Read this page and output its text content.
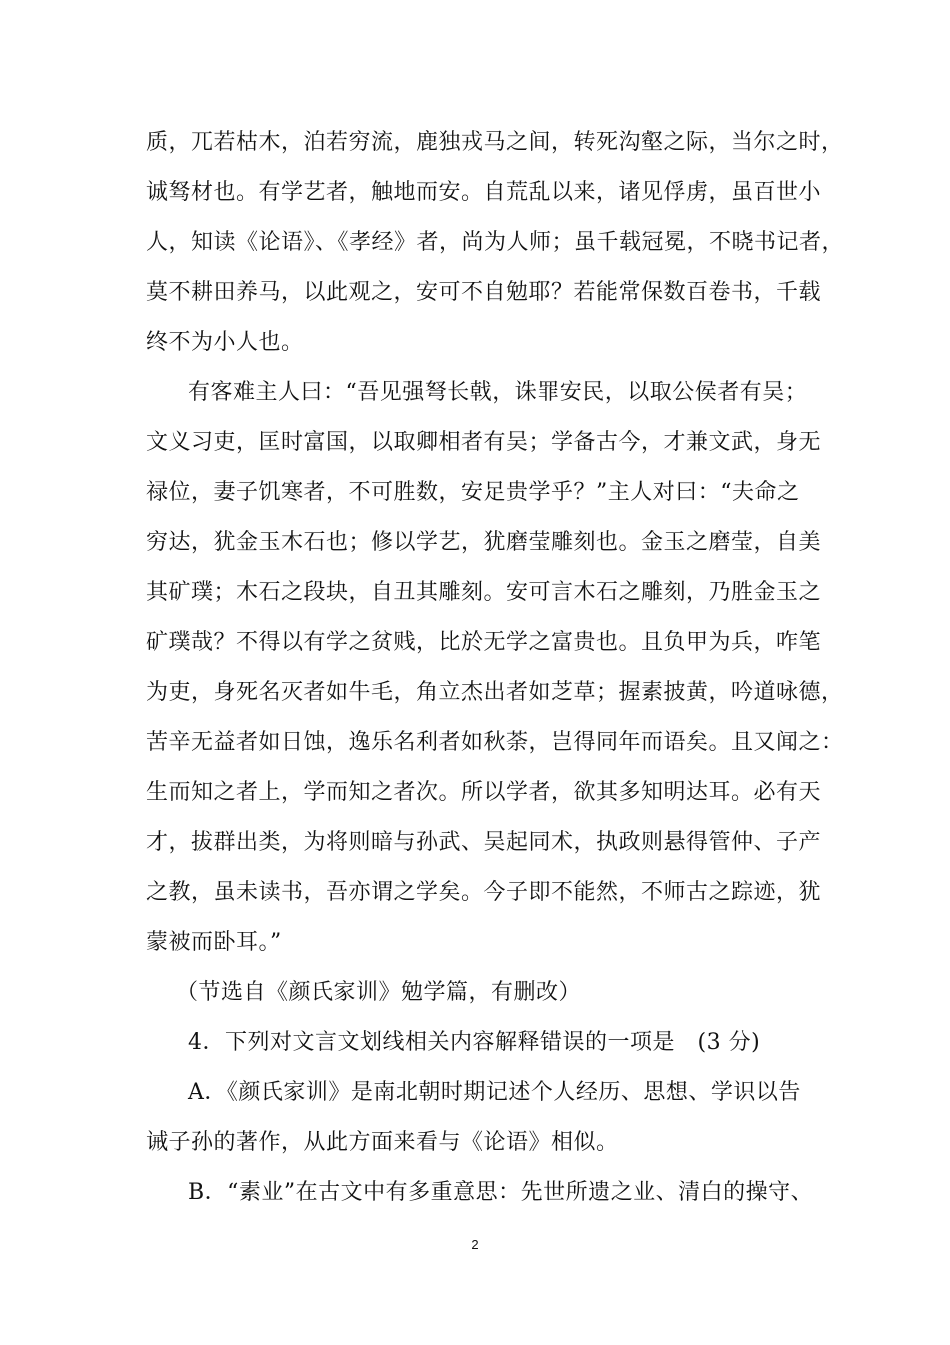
质，兀若枯木，泊若穷流，鹿独戎马之间，转死沟壑之际，当尔之时，
诚驽材也。有学艺者，触地而安。自荒乱以来，诸见俘虏，虽百世小
人，知读《论语》、《孝经》者，尚为人师；虽千载冠冕，不晓书记者，
莫不耕田养马，以此观之，安可不自勉耶？若能常保数百卷书，千载
终不为小人也。
有客难主人曰：“吾见强弩长戟，诛罪安民，以取公侯者有吴；
文义习吏，匡时富国，以取卿相者有吴；学备古今，才兼文武，身无
禄位，妻子饥寒者，不可胜数，安足贵学乎？”主人对曰：“夫命之
穷达，犹金玉木石也；修以学艺，犹磨莹雕刻也。金玉之磨莹，自美
其矿璞；木石之段块，自丑其雕刻。安可言木石之雕刻，乃胜金玉之
矿璞哉？不得以有学之贫贱，比於无学之富贵也。且负甲为兵，咋笔
为吏，身死名灭者如牛毛，角立杰出者如芝草；握素披黄，吟道咏德，
苦辛无益者如日蚀，逸乐名利者如秋荼，岂得同年而语矣。且又闻之：
生而知之者上，学而知之者次。所以学者，欲其多知明达耳。必有天
才，拔群出类，为将则暗与孙武、吴起同术，执政则悬得管仲、子产
之教，虽未读书，吾亦谓之学矣。今子即不能然，不师古之踪迹，犹
蒙被而卧耳。”
（节选自《颜氏家训》勉学篇，有删改）
4．下列对文言文划线相关内容解释错误的一项是　(3 分)
A．《颜氏家训》是南北朝时期记述个人经历、思想、学识以告
诫子孙的著作，从此方面来看与《论语》相似。
B．“素业”在古文中有多重意思：先世所遗之业、清白的操守、
2
